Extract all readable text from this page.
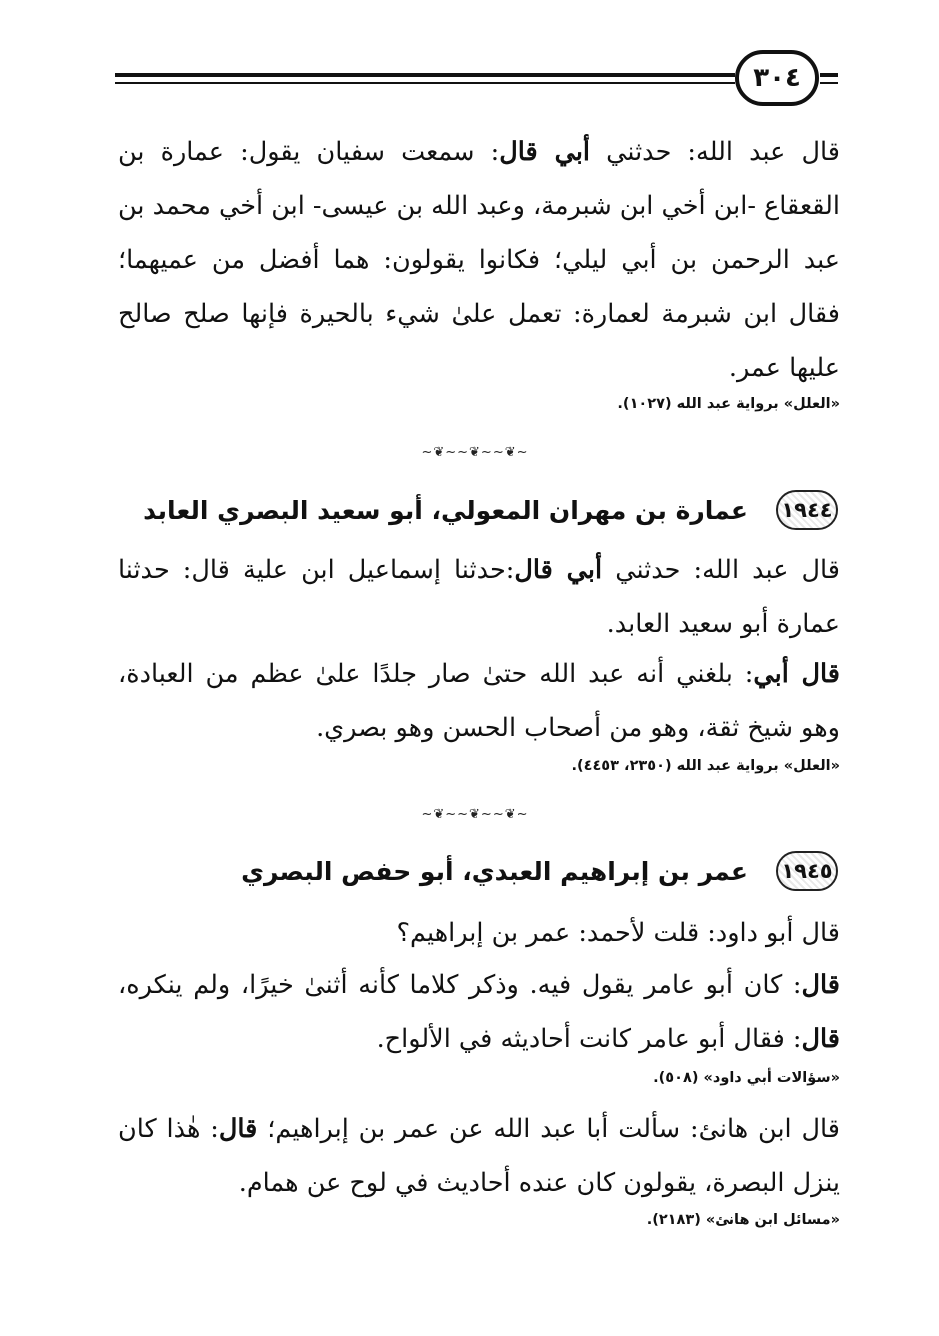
٣٠٤
قال عبد الله: حدثني أبي قال: سمعت سفيان يقول: عمارة بن القعقاع -ابن أخي ابن شبرمة، وعبد الله بن عيسى- ابن أخي محمد بن عبد الرحمن بن أبي ليلي؛ فكانوا يقولون: هما أفضل من عميهما؛ فقال ابن شبرمة لعمارة: تعمل علىٰ شيء بالحيرة فإنها صلح صالح عليها عمر.
«العلل» برواية عبد الله (١٠٢٧).
~❦~~❦~~❦~
١٩٤٤
عمارة بن مهران المعولي، أبو سعيد البصري العابد
قال عبد الله: حدثني أبي قال:حدثنا إسماعيل ابن علية قال: حدثنا عمارة أبو سعيد العابد.
قال أبي: بلغني أنه عبد الله حتىٰ صار جلدًا علىٰ عظم من العبادة، وهو شيخ ثقة، وهو من أصحاب الحسن وهو بصري.
«العلل» برواية عبد الله (٢٣٥٠، ٤٤٥٣).
~❦~~❦~~❦~
١٩٤٥
عمر بن إبراهيم العبدي، أبو حفص البصري
قال أبو داود: قلت لأحمد: عمر بن إبراهيم؟
قال: كان أبو عامر يقول فيه. وذكر كلاما كأنه أثنىٰ خيرًا، ولم ينكره، قال: فقال أبو عامر كانت أحاديثه في الألواح.
«سؤالات أبي داود» (٥٠٨).
قال ابن هانئ: سألت أبا عبد الله عن عمر بن إبراهيم؛ قال: هٰذا كان ينزل البصرة، يقولون كان عنده أحاديث في لوح عن همام.
«مسائل ابن هانئ» (٢١٨٣).
